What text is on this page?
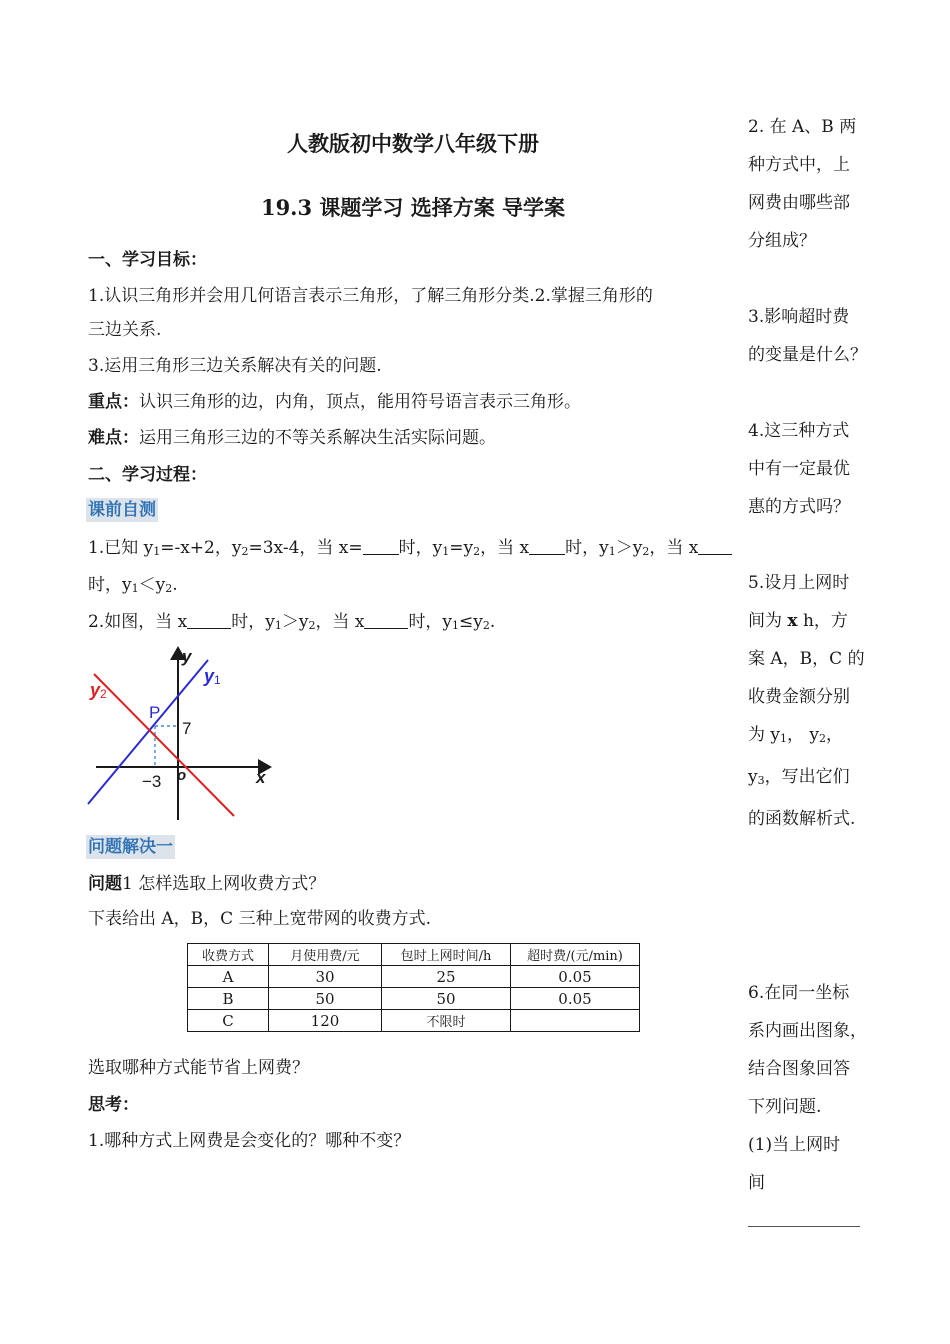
人教版初中数学八年级下册
19.3 课题学习 选择方案 导学案
一、学习目标：
1.认识三角形并会用几何语言表示三角形，了解三角形分类.2.掌握三角形的
三边关系.
3.运用三角形三边关系解决有关的问题.
重点：认识三角形的边，内角，顶点，能用符号语言表示三角形。
难点：运用三角形三边的不等关系解决生活实际问题。
二、学习过程：
课前自测
1.已知 y1=-x+2，y2=3x-4，当 x= 时，y1=y2，当 x 时，y1＞y2，当 x
时，y1＜y2.
2.如图，当 x	时，y1＞y2，当 x	时，y1≤y2.
y
x
o
P
7
−3
y1
y2
问题解决一
问题1 怎样选取上网收费方式？
下表给出 A，B，C 三种上宽带网的收费方式.
收费方式	月使用费/元	包时上网时间/h	超时费/(元/min)
A	30	25	0.05
B	50	50	0.05
C	120	不限时	
选取哪种方式能节省上网费？
思考：
1.哪种方式上网费是会变化的？哪种不变？
2. 在 A、B 两
种方式中，上
网费由哪些部
分组成？
3.影响超时费
的变量是什么？
4.这三种方式
中有一定最优
惠的方式吗？
5.设月上网时
间为 x h，方
案 A，B，C 的
收费金额分别
为 y1， y2，
y3，写出它们
的函数解析式.
6.在同一坐标
系内画出图象，
结合图象回答
下列问题.
(1)当上网时
间
